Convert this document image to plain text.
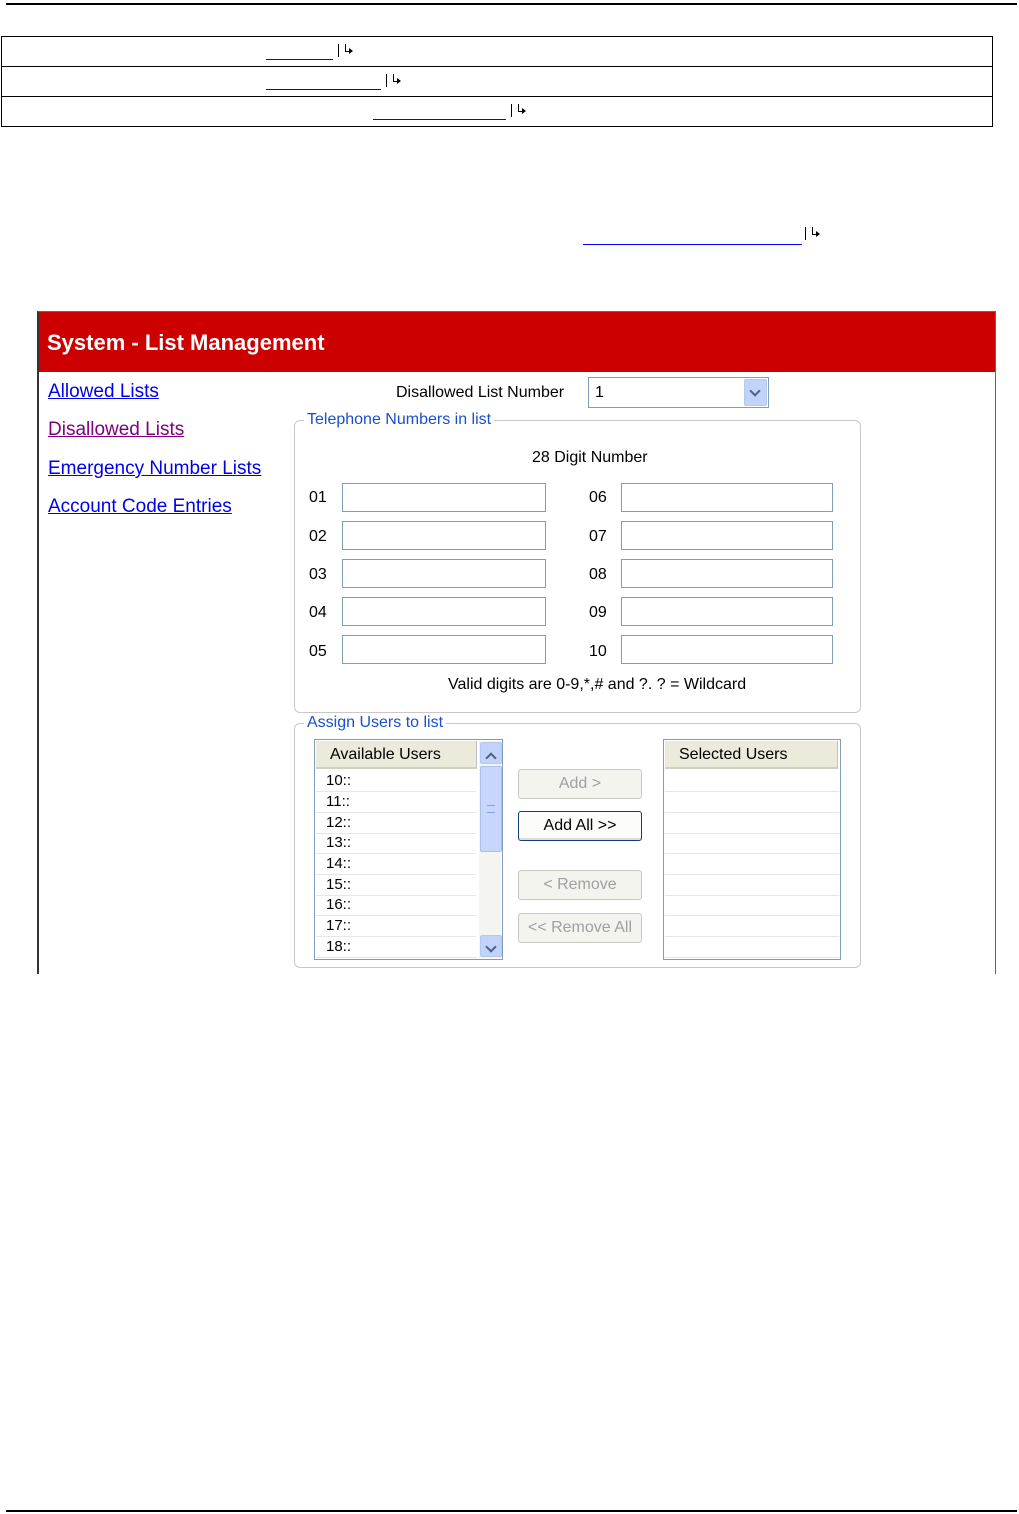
System - List Management
Allowed Lists
Disallowed Lists
Emergency Number Lists
Account Code Entries
Disallowed List Number 1
Telephone Numbers in list
28 Digit Number
01
02
03
04
05
06
07
08
09
10
Valid digits are 0-9,*,# and ?. ? = Wildcard
Assign Users to list
Available Users
10::
11::
12::
13::
14::
15::
16::
17::
18::
Add >
Add All >>
< Remove
<< Remove All
Selected Users
